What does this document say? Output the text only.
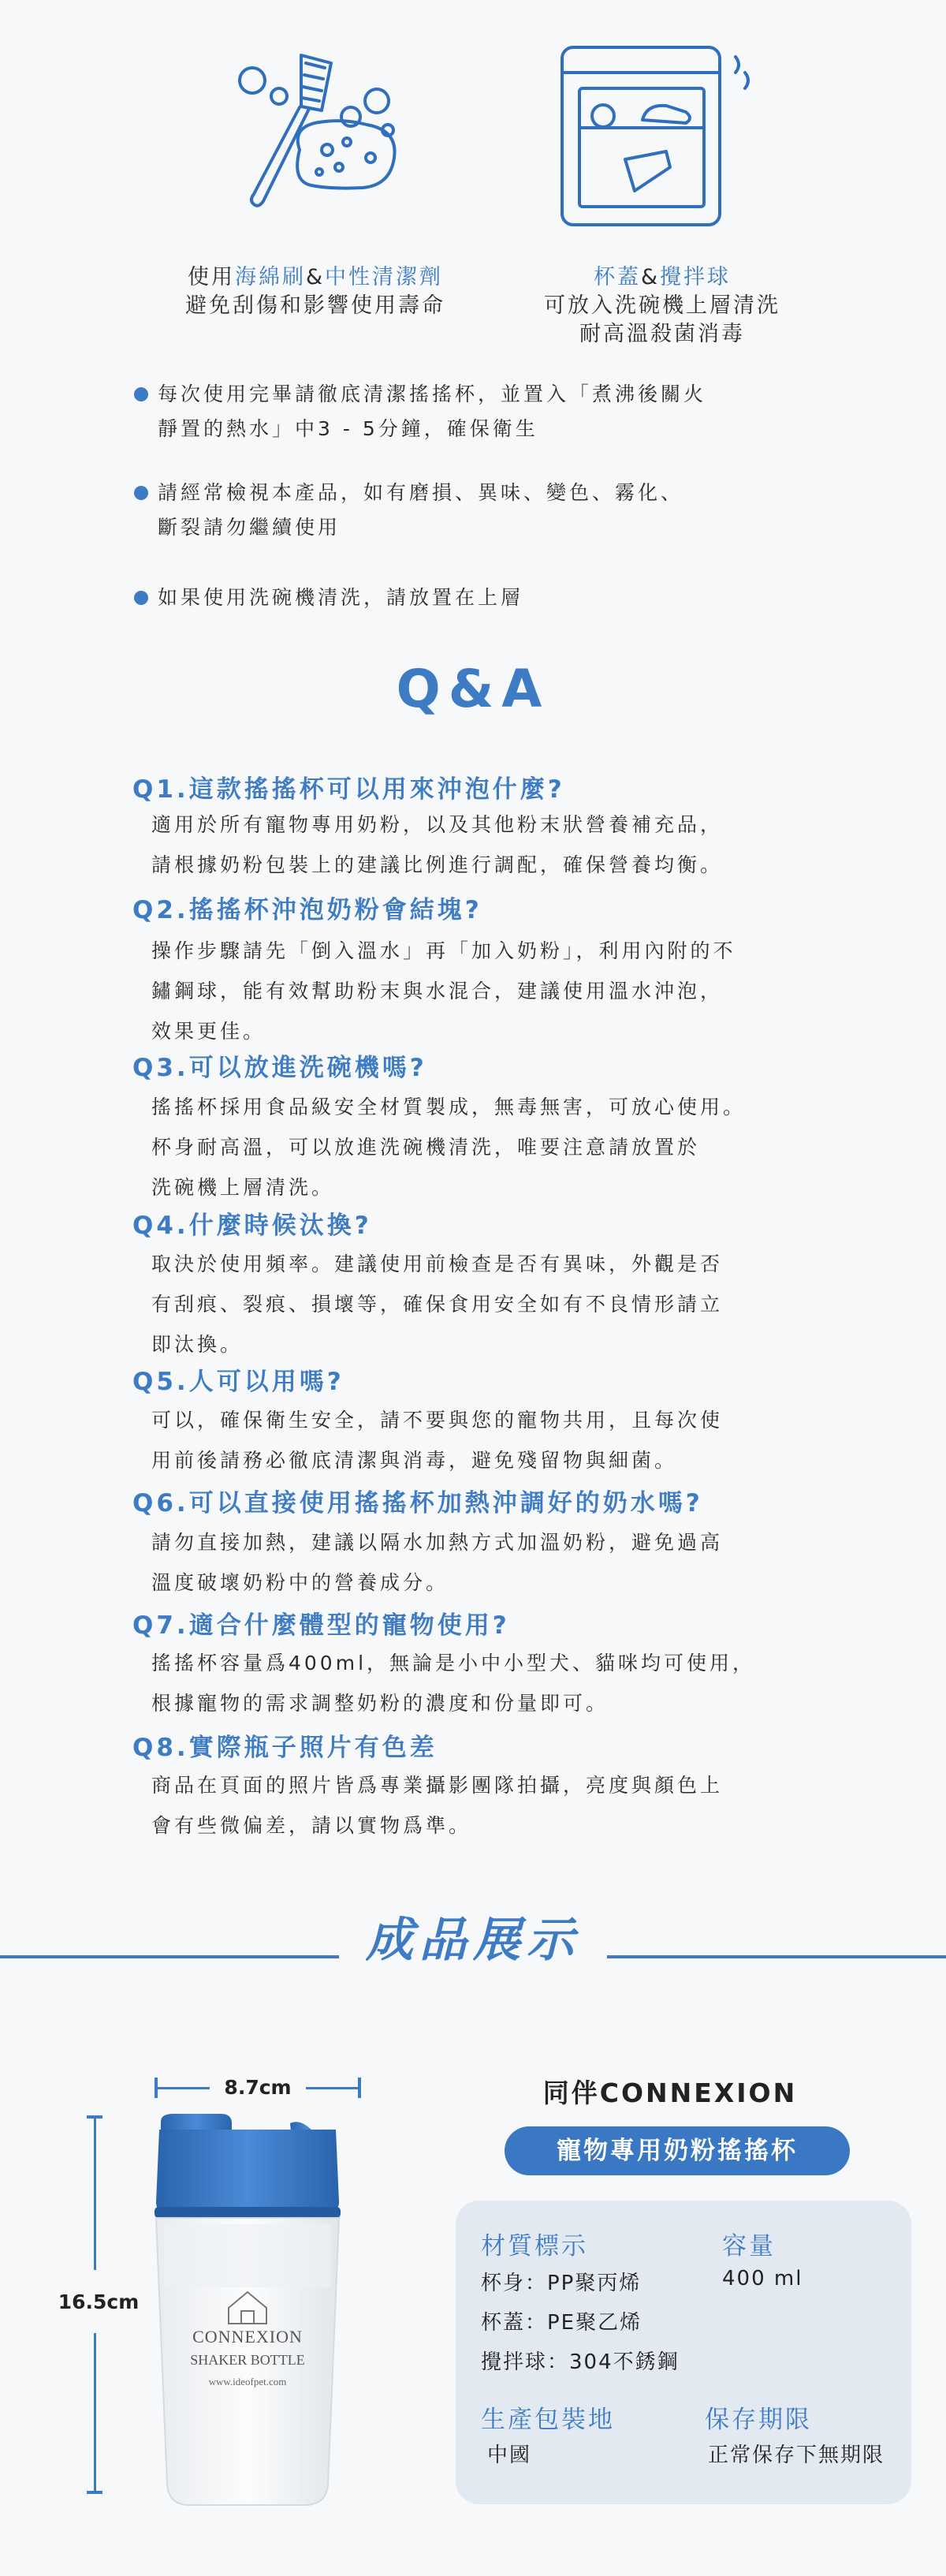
使用海綿刷&中性清潔劑
避免刮傷和影響使用壽命
杯蓋&攪拌球
可放入洗碗機上層清洗
耐高溫殺菌消毒
每次使用完畢請徹底清潔搖搖杯，並置入「煮沸後關火
靜置的熱水」中3 - 5分鐘，確保衛生
請經常檢視本產品，如有磨損、異味、變色、霧化、
斷裂請勿繼續使用
如果使用洗碗機清洗，請放置在上層
Q&A
Q1.這款搖搖杯可以用來沖泡什麼?
適用於所有寵物專用奶粉，以及其他粉末狀營養補充品，
請根據奶粉包裝上的建議比例進行調配，確保營養均衡。
Q2.搖搖杯沖泡奶粉會結塊?
操作步驟請先「倒入溫水」再「加入奶粉」，利用內附的不
鏽鋼球，能有效幫助粉末與水混合，建議使用溫水沖泡，
效果更佳。
Q3.可以放進洗碗機嗎?
搖搖杯採用食品級安全材質製成，無毒無害，可放心使用。
杯身耐高溫，可以放進洗碗機清洗，唯要注意請放置於
洗碗機上層清洗。
Q4.什麼時候汰換?
取決於使用頻率。建議使用前檢查是否有異味，外觀是否
有刮痕、裂痕、損壞等，確保食用安全如有不良情形請立
即汰換。
Q5.人可以用嗎?
可以，確保衛生安全，請不要與您的寵物共用，且每次使
用前後請務必徹底清潔與消毒，避免殘留物與細菌。
Q6.可以直接使用搖搖杯加熱沖調好的奶水嗎?
請勿直接加熱，建議以隔水加熱方式加溫奶粉，避免過高
溫度破壞奶粉中的營養成分。
Q7.適合什麼體型的寵物使用?
搖搖杯容量爲400ml，無論是小中小型犬、貓咪均可使用，
根據寵物的需求調整奶粉的濃度和份量即可。
Q8.實際瓶子照片有色差
商品在頁面的照片皆爲專業攝影團隊拍攝，亮度與顏色上
會有些微偏差，請以實物爲準。
成品展示
8.7cm
16.5cm
CONNEXION
SHAKER BOTTLE
www.ideofpet.com
同伴CONNEXION
寵物專用奶粉搖搖杯
材質標示
杯身：PP聚丙烯
杯蓋：PE聚乙烯
攪拌球：304不銹鋼
容量
400 ml
生產包裝地
中國
保存期限
正常保存下無期限
